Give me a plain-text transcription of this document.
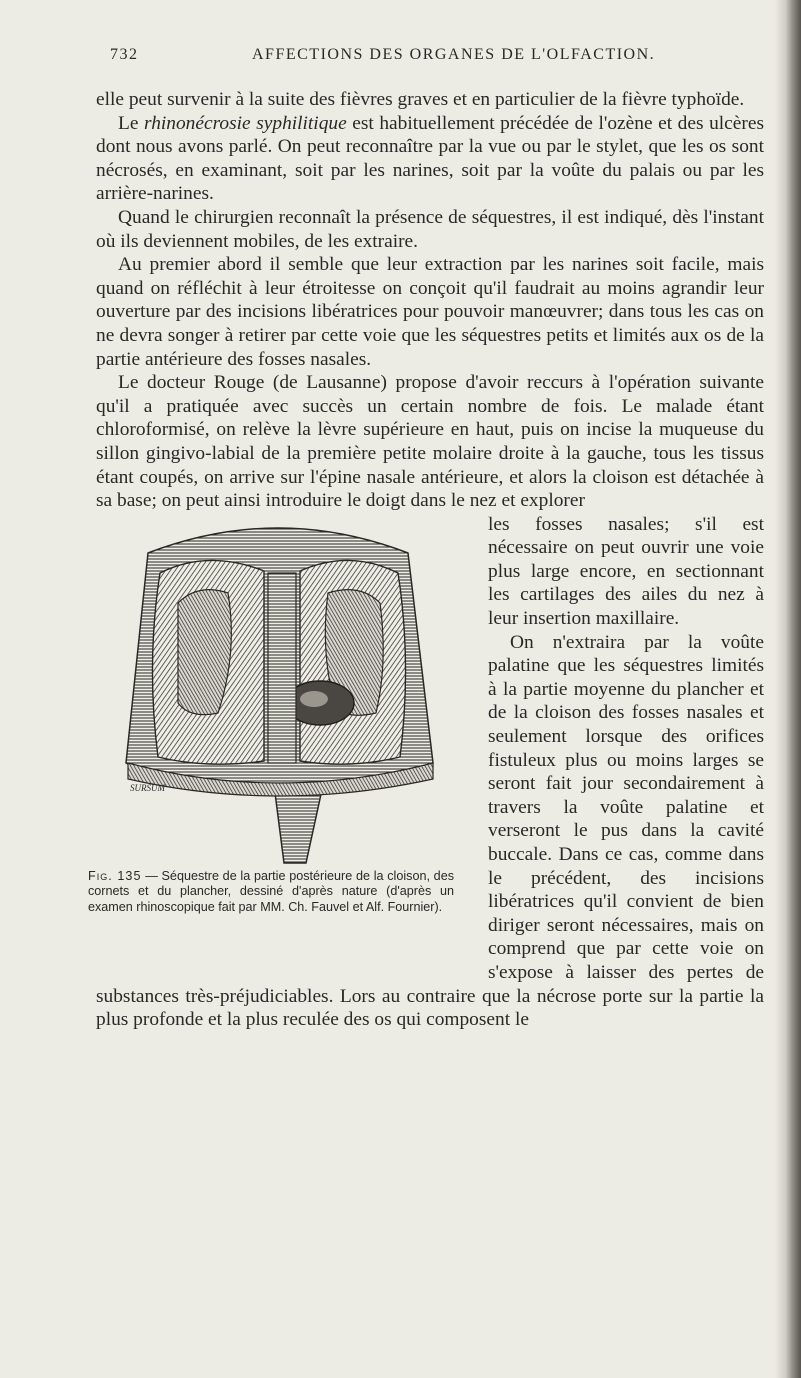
732	AFFECTIONS DES ORGANES DE L'OLFACTION.

elle peut survenir à la suite des fièvres graves et en particulier de la fièvre typhoïde.

Le rhinonécrosie syphilitique est habituellement précédée de l'ozène et des ulcères dont nous avons parlé. On peut reconnaître par la vue ou par le stylet, que les os sont nécrosés, en examinant, soit par les narines, soit par la voûte du palais ou par les arrière-narines.

Quand le chirurgien reconnaît la présence de séquestres, il est indiqué, dès l'instant où ils deviennent mobiles, de les extraire.

Au premier abord il semble que leur extraction par les narines soit facile, mais quand on réfléchit à leur étroitesse on conçoit qu'il faudrait au moins agrandir leur ouverture par des incisions libératrices pour pouvoir manœuvrer; dans tous les cas on ne devra songer à retirer par cette voie que les séquestres petits et limités aux os de la partie antérieure des fosses nasales.

Le docteur Rouge (de Lausanne) propose d'avoir reccurs à l'opération suivante qu'il a pratiquée avec succès un certain nombre de fois. Le malade étant chloroformisé, on relève la lèvre supérieure en haut, puis on incise la muqueuse du sillon gingivo-labial de la première petite molaire droite à la gauche, tous les tissus étant coupés, on arrive sur l'épine nasale antérieure, et alors la cloison est détachée à sa base; on peut ainsi introduire le doigt dans le nez et explorer

SURSUM
Fig. 135 — Séquestre de la partie postérieure de la cloison, des cornets et du plancher, dessiné d'après nature (d'après un examen rhinoscopique fait par MM. Ch. Fauvel et Alf. Fournier).

les fosses nasales; s'il est nécessaire on peut ouvrir une voie plus large encore, en sectionnant les cartilages des ailes du nez à leur insertion maxillaire.

On n'extraira par la voûte palatine que les séquestres limités à la partie moyenne du plancher et de la cloison des fosses nasales et seulement lorsque des orifices fistuleux plus ou moins larges se seront fait jour secondairement à travers la voûte palatine et verseront le pus dans la cavité buccale. Dans ce cas, comme dans le précédent, des incisions libératrices qu'il convient de bien diriger seront nécessaires, mais on comprend que par cette voie on s'expose à laisser des pertes de substances très-préjudiciables. Lors au contraire que la nécrose porte sur la partie la plus profonde et la plus reculée des os qui composent le
